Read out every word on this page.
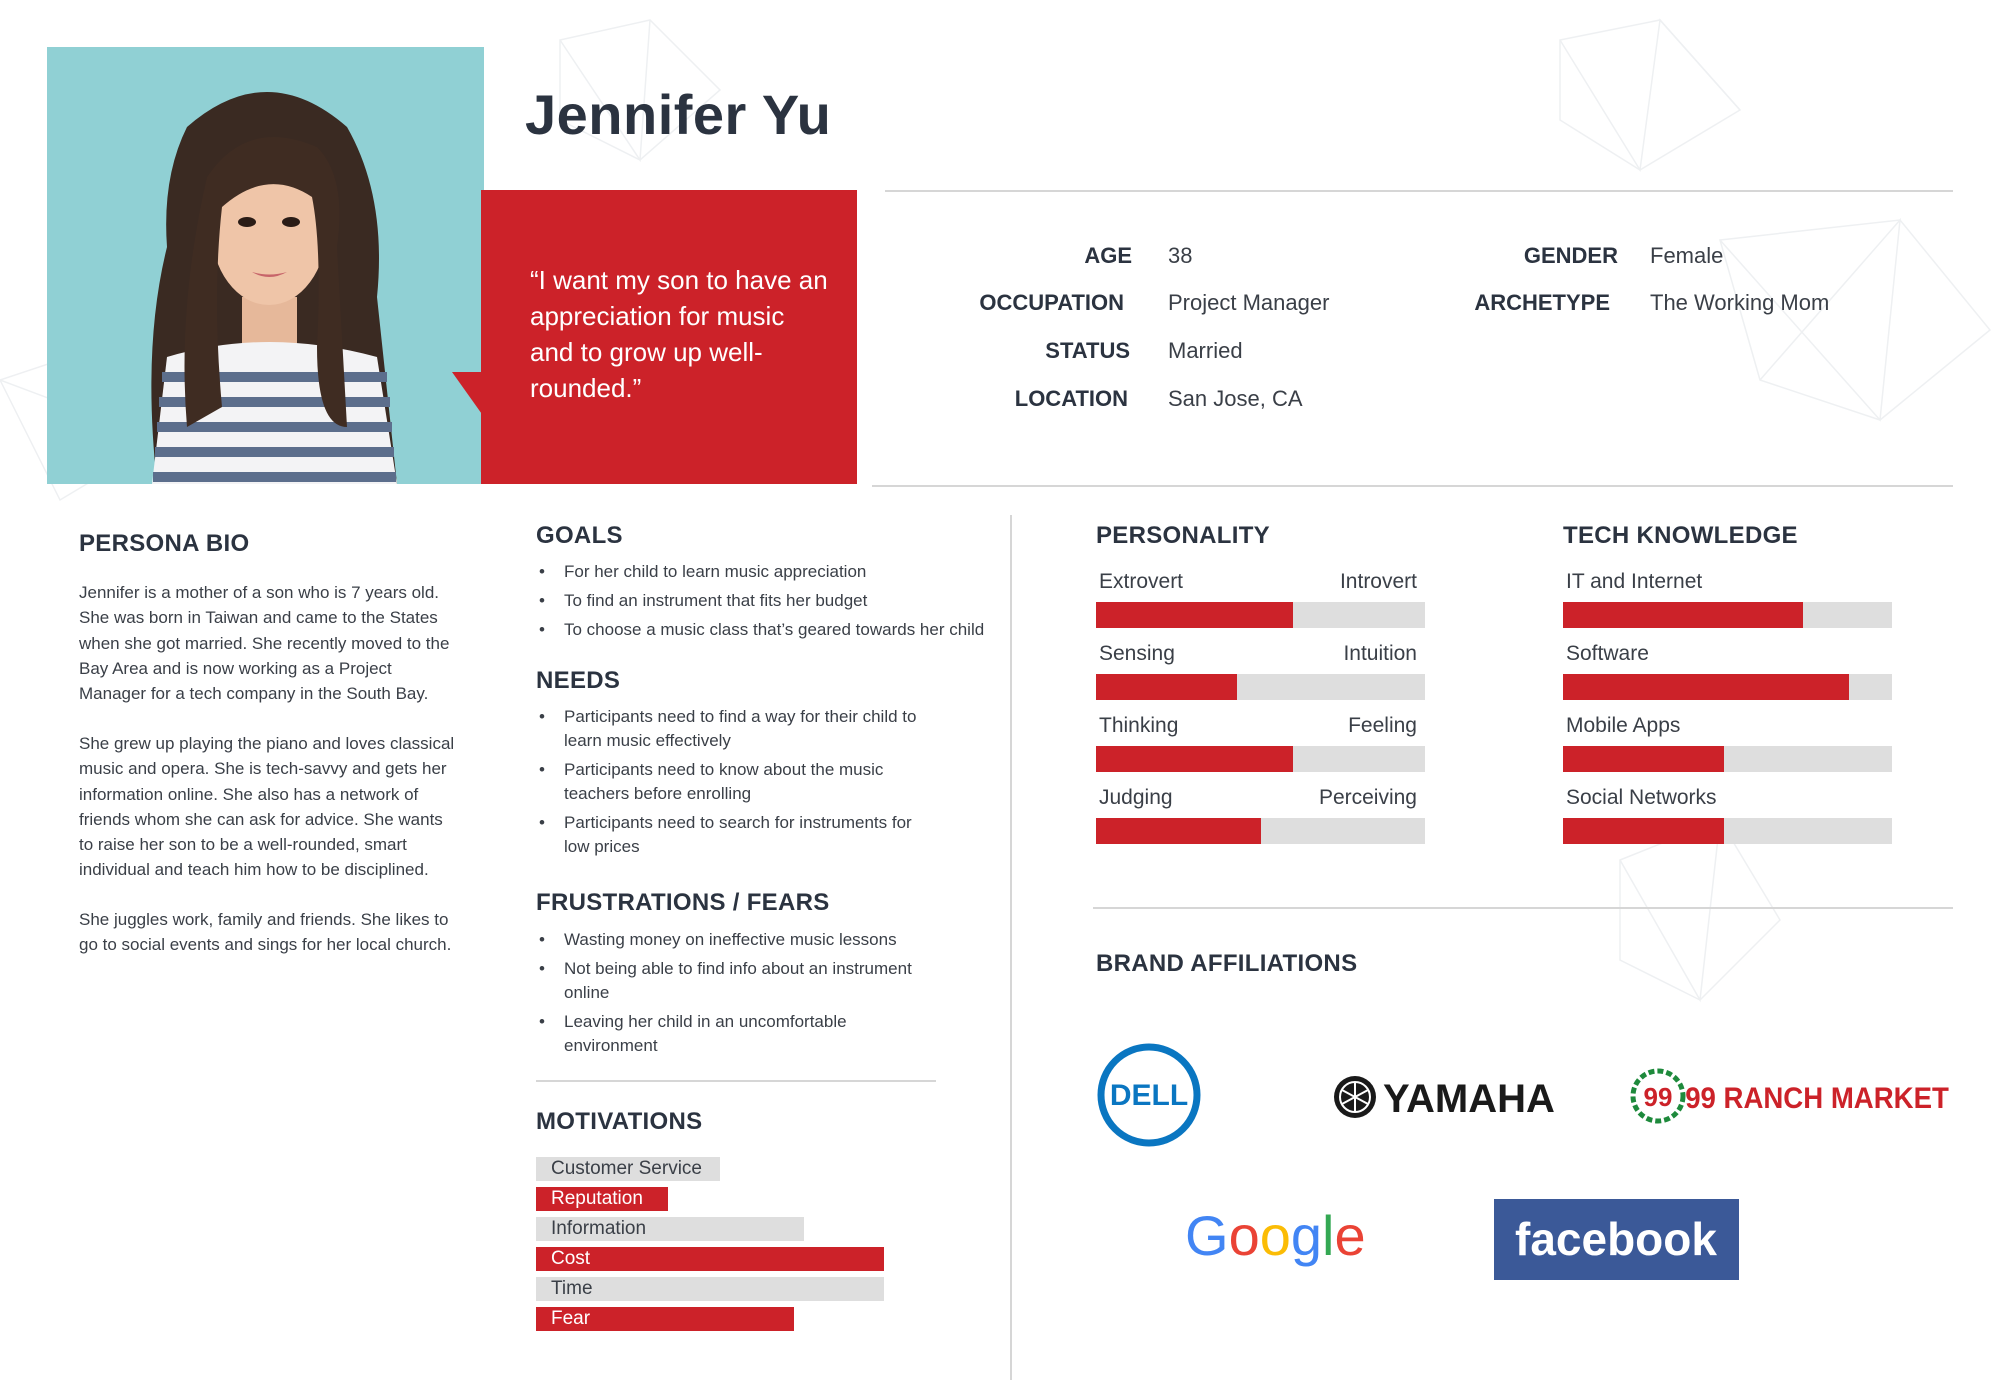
Jennifer Yu
“I want my son to have an appreciation for music and to grow up well-rounded.”
AGE 38
OCCUPATION Project Manager
STATUS Married
LOCATION San Jose, CA
GENDER Female
ARCHETYPE The Working Mom
PERSONA BIO
Jennifer is a mother of a son who is 7 years old. She was born in Taiwan and came to the States when she got married. She recently moved to the Bay Area and is now working as a Project Manager for a tech company in the South Bay.
She grew up playing the piano and loves classical music and opera. She is tech-savvy and gets her information online. She also has a network of friends whom she can ask for advice. She wants to raise her son to be a well-rounded, smart individual and teach him how to be disciplined.
She juggles work, family and friends. She likes to go to social events and sings for her local church.
GOALS
• For her child to learn music appreciation
• To find an instrument that fits her budget
• To choose a music class that’s geared towards her child
NEEDS
• Participants need to find a way for their child to learn music effectively
• Participants need to know about the music teachers before enrolling
• Participants need to search for instruments for low prices
FRUSTRATIONS / FEARS
• Wasting money on ineffective music lessons
• Not being able to find info about an instrument online
• Leaving her child in an uncomfortable environment
MOTIVATIONS
Customer Service
Reputation
Information
Cost
Time
Fear
PERSONALITY
Extrovert	Introvert
Sensing	Intuition
Thinking	Feeling
Judging	Perceiving
TECH KNOWLEDGE
IT and Internet
Software
Mobile Apps
Social Networks
BRAND AFFILIATIONS
DELL	YAMAHA	99 99 RANCH MARKET
Google	facebook
